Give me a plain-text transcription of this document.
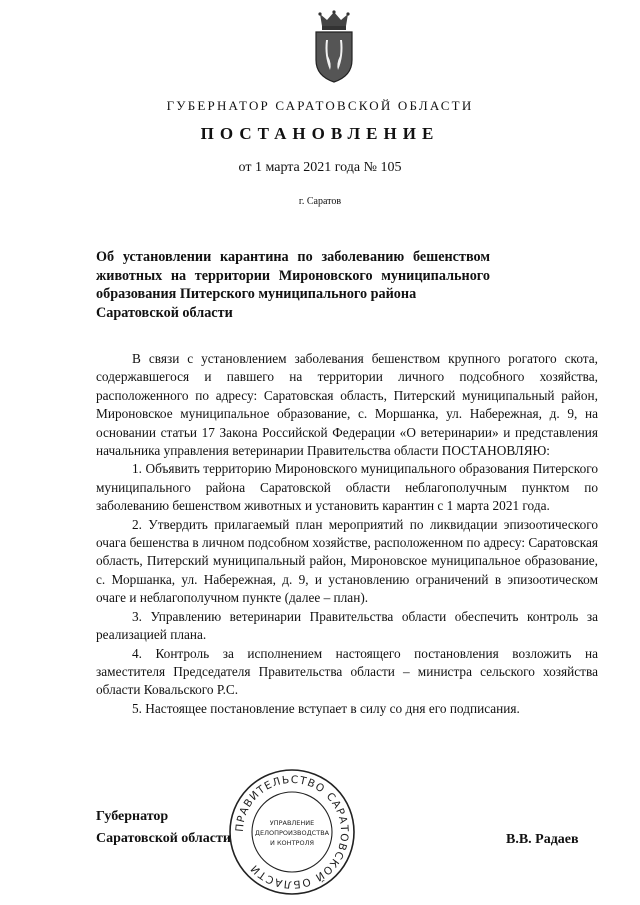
ГУБЕРНАТОР САРАТОВСКОЙ ОБЛАСТИ
ПОСТАНОВЛЕНИЕ
от 1 марта 2021 года № 105
г. Саратов
Об установлении карантина по заболеванию бешенством животных на территории Мироновского муниципального образования Питерского муниципального района
Саратовской области

В связи с установлением заболевания бешенством крупного рогатого скота, содержавшегося и павшего на территории личного подсобного хозяйства, расположенного по адресу: Саратовская область, Питерский муниципальный район, Мироновское муниципальное образование, с. Моршанка, ул. Набережная, д. 9, на основании статьи 17 Закона Российской Федерации «О ветеринарии» и представления начальника управления ветеринарии Правительства области ПОСТАНОВЛЯЮ:

1. Объявить территорию Мироновского муниципального образования Питерского муниципального района Саратовской области неблагополучным пунктом по заболеванию бешенством животных и установить карантин с 1 марта 2021 года.

2. Утвердить прилагаемый план мероприятий по ликвидации эпизоотического очага бешенства в личном подсобном хозяйстве, расположенном по адресу: Саратовская область, Питерский муниципальный район, Мироновское муниципальное образование, с. Моршанка, ул. Набережная, д. 9, и установлению ограничений в эпизоотическом очаге и неблагополучном пункте (далее – план).

3. Управлению ветеринарии Правительства области обеспечить контроль за реализацией плана.

4. Контроль за исполнением настоящего постановления возложить на заместителя Председателя Правительства области – министра сельского хозяйства области Ковальского Р.С.

5. Настоящее постановление вступает в силу со дня его подписания.

ПРАВИТЕЛЬСТВО САРАТОВСКОЙ ОБЛАСТИ
УПРАВЛЕНИЕ
ДЕЛОПРОИЗВОДСТВА
И КОНТРОЛЯ
Губернатор
Саратовской области	В.В. Радаев
